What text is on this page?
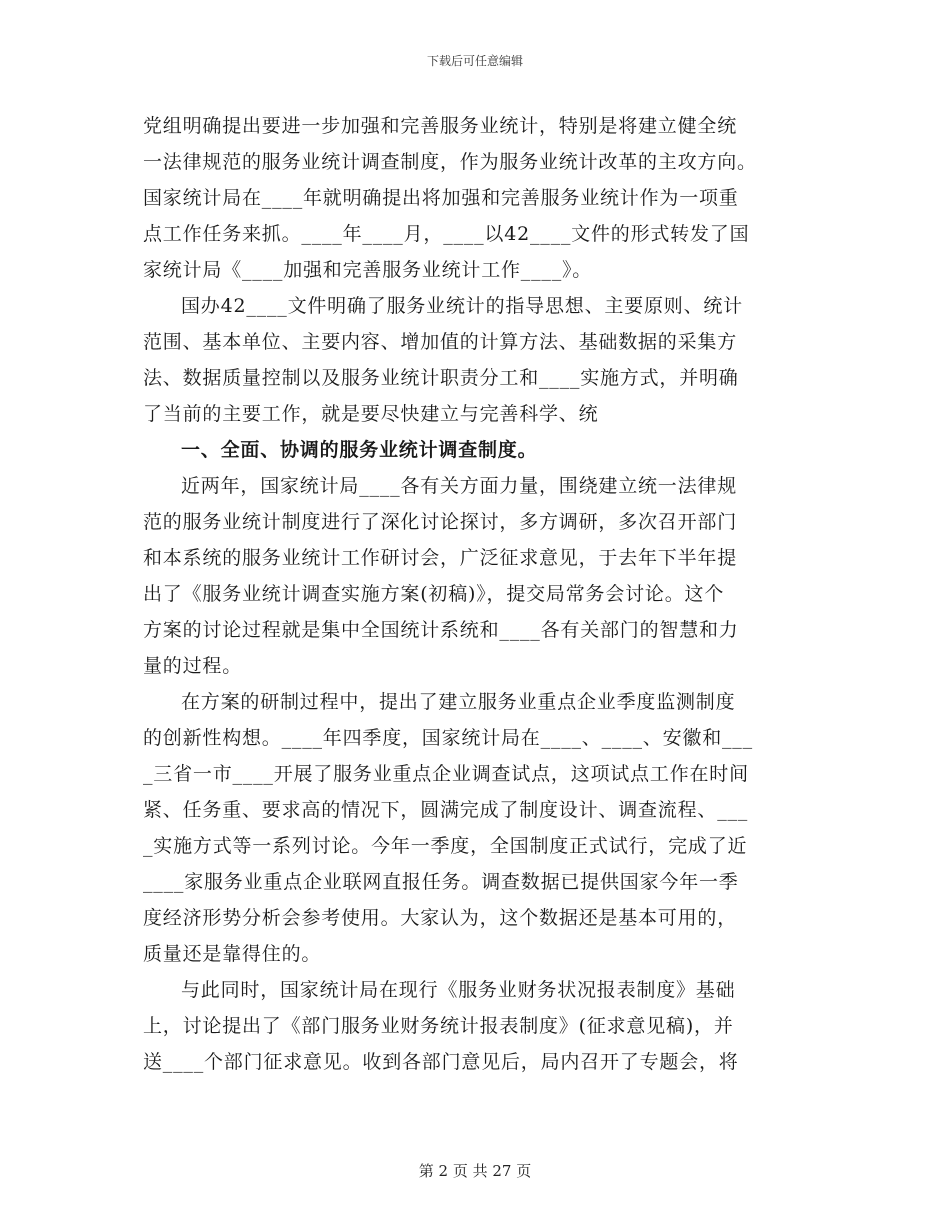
下载后可任意编辑
党组明确提出要进一步加强和完善服务业统计，特别是将建立健全统
一法律规范的服务业统计调查制度，作为服务业统计改革的主攻方向。
国家统计局在____年就明确提出将加强和完善服务业统计作为一项重
点工作任务来抓。____年____月，____以42____文件的形式转发了国
家统计局《____加强和完善服务业统计工作____》。
国办42____文件明确了服务业统计的指导思想、主要原则、统计
范围、基本单位、主要内容、增加值的计算方法、基础数据的采集方
法、数据质量控制以及服务业统计职责分工和____实施方式，并明确
了当前的主要工作，就是要尽快建立与完善科学、统
一、全面、协调的服务业统计调查制度。
近两年，国家统计局____各有关方面力量，围绕建立统一法律规
范的服务业统计制度进行了深化讨论探讨，多方调研，多次召开部门
和本系统的服务业统计工作研讨会，广泛征求意见，于去年下半年提
出了《服务业统计调查实施方案(初稿)》，提交局常务会讨论。这个
方案的讨论过程就是集中全国统计系统和____各有关部门的智慧和力
量的过程。
在方案的研制过程中，提出了建立服务业重点企业季度监测制度
的创新性构想。____年四季度，国家统计局在____、____、安徽和___
_三省一市____开展了服务业重点企业调查试点，这项试点工作在时间
紧、任务重、要求高的情况下，圆满完成了制度设计、调查流程、___
_实施方式等一系列讨论。今年一季度，全国制度正式试行，完成了近
____家服务业重点企业联网直报任务。调查数据已提供国家今年一季
度经济形势分析会参考使用。大家认为，这个数据还是基本可用的，
质量还是靠得住的。
与此同时，国家统计局在现行《服务业财务状况报表制度》基础
上，讨论提出了《部门服务业财务统计报表制度》(征求意见稿)，并
送____个部门征求意见。收到各部门意见后，局内召开了专题会，将
第 2 页 共 27 页
